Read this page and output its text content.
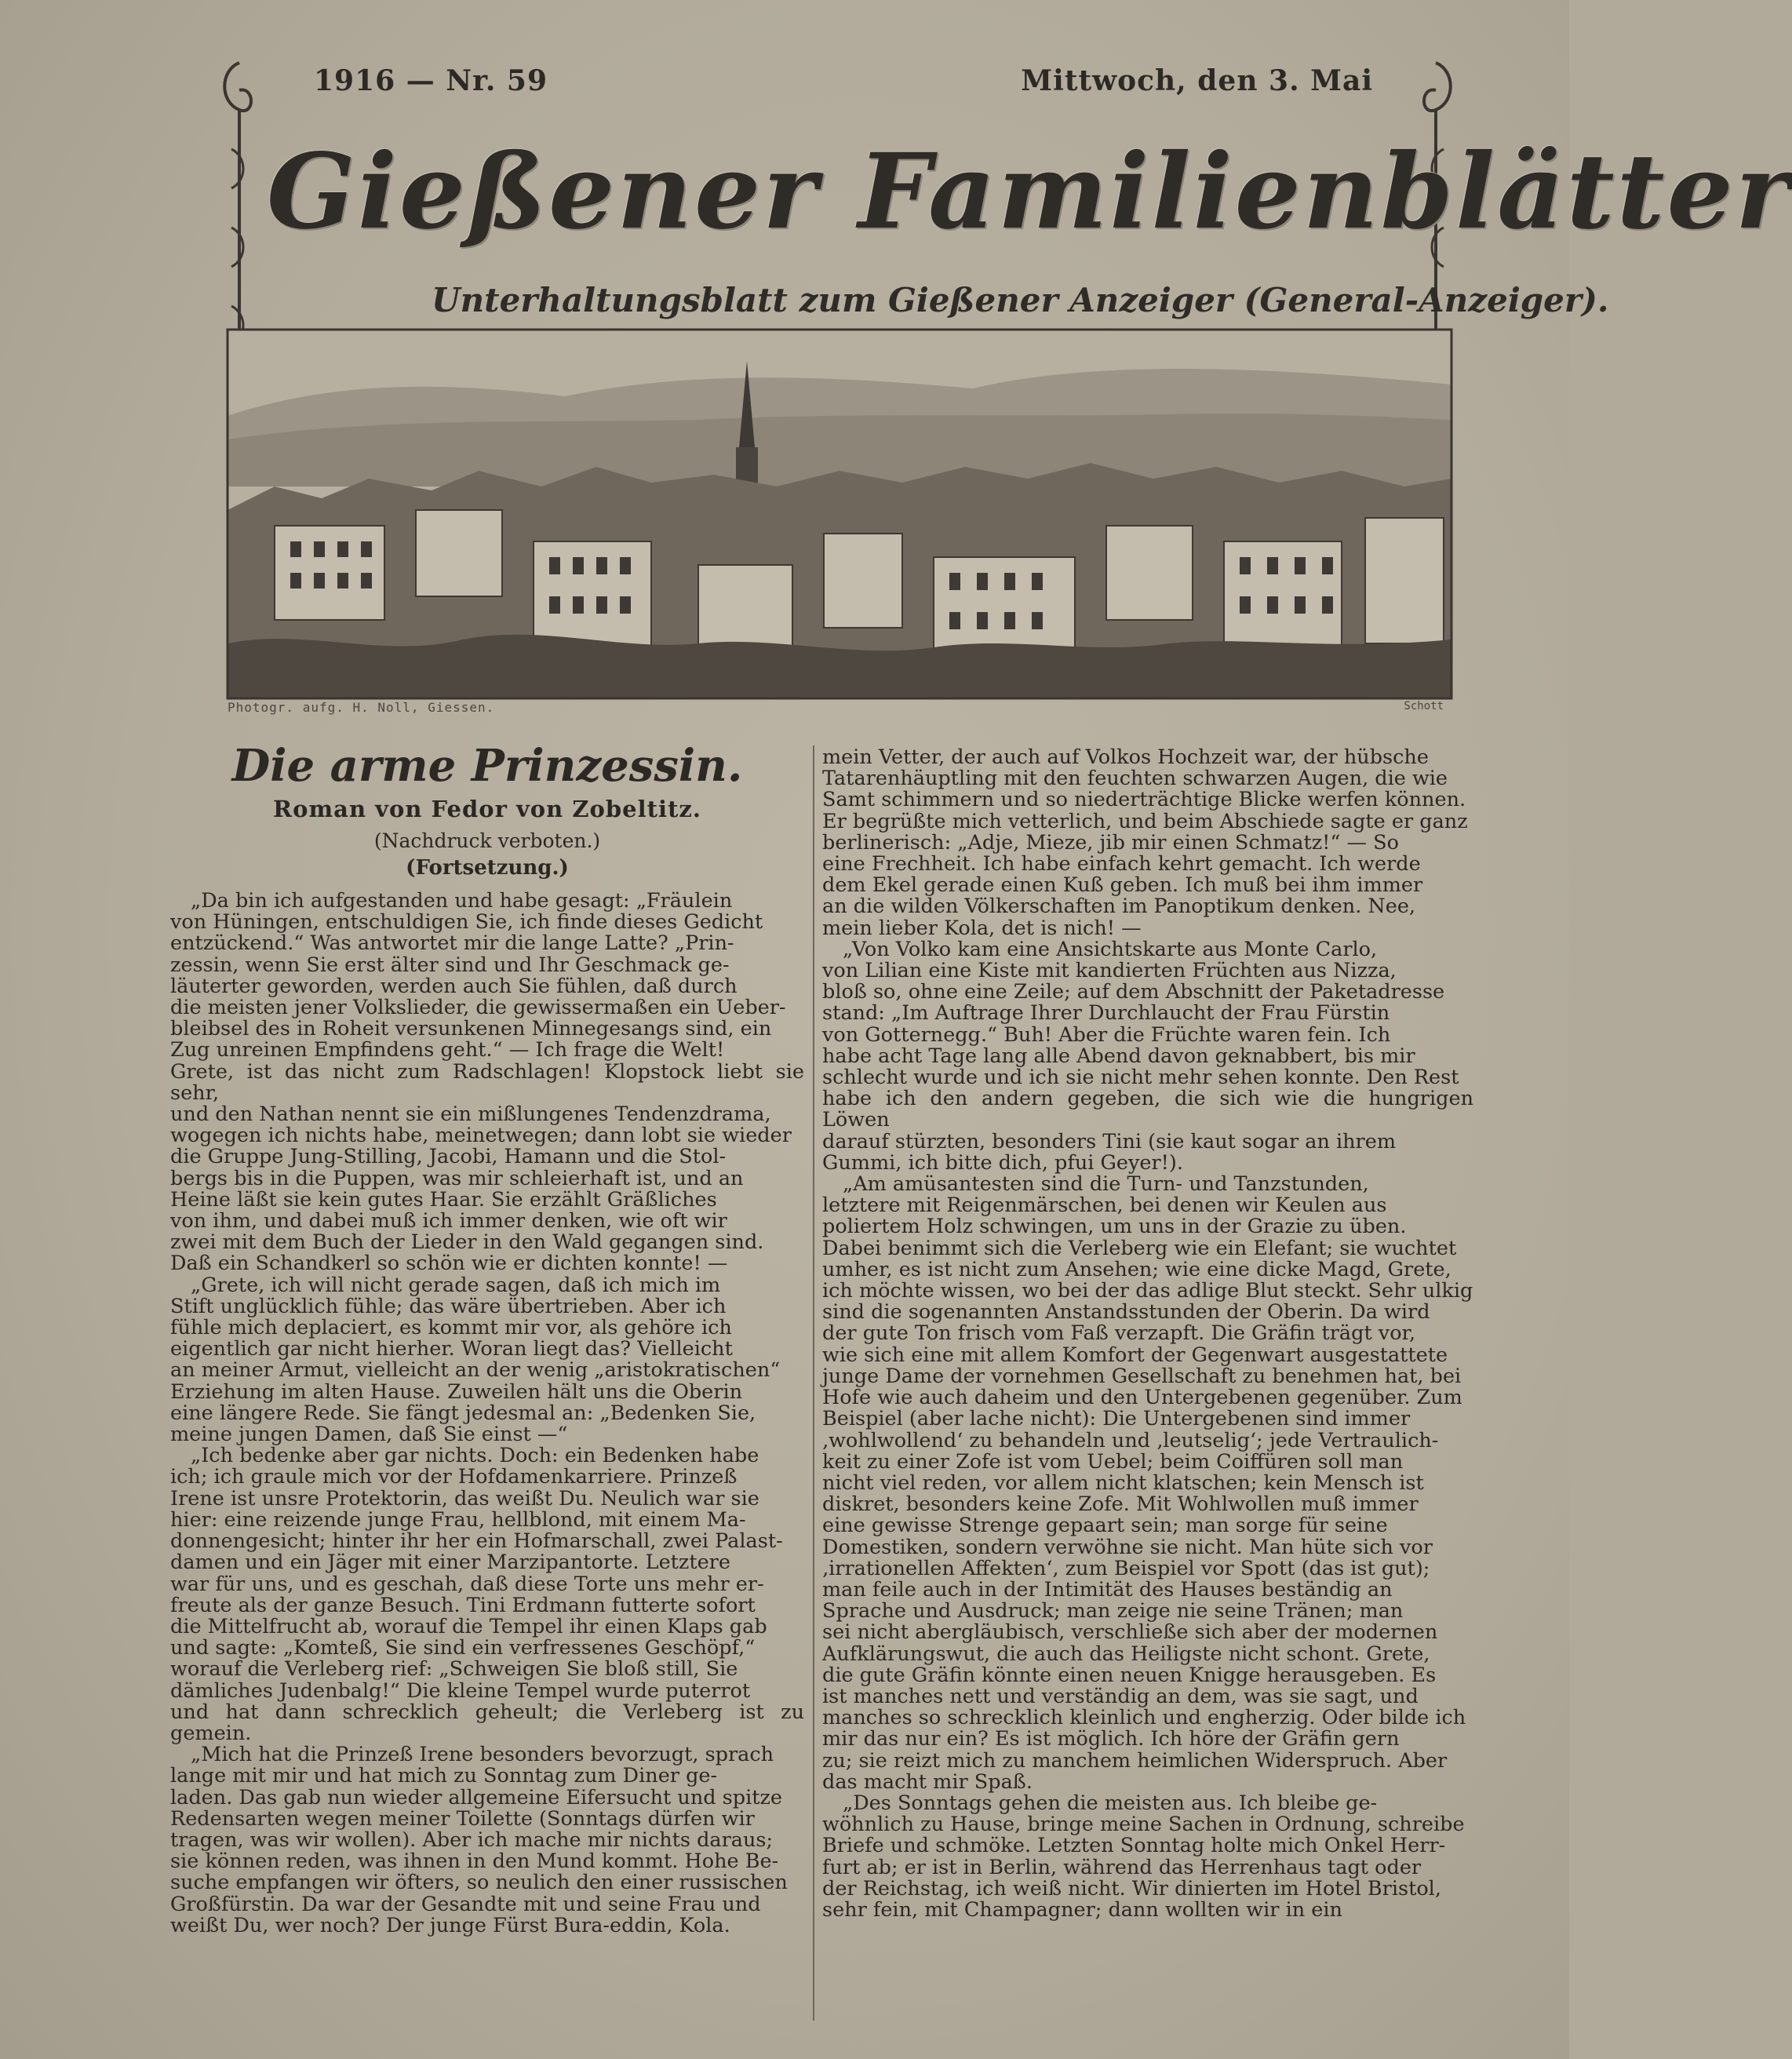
1916 — Nr. 59	Mittwoch, den 3. Mai
Gießener Familienblätter
Unterhaltungsblatt zum Gießener Anzeiger (General-Anzeiger).
Photogr. aufg. H. Noll, Giessen.	Schott
Die arme Prinzessin.

Roman von Fedor von Zobeltitz.

(Nachdruck verboten.)

(Fortsetzung.)

„Da bin ich aufgestanden und habe gesagt: „Fräulein
von Hüningen, entschuldigen Sie, ich finde dieses Gedicht
entzückend.“ Was antwortet mir die lange Latte? „Prin-
zessin, wenn Sie erst älter sind und Ihr Geschmack ge-
läuterter geworden, werden auch Sie fühlen, daß durch
die meisten jener Volkslieder, die gewissermaßen ein Ueber-
bleibsel des in Roheit versunkenen Minnegesangs sind, ein
Zug unreinen Empfindens geht.“ — Ich frage die Welt!
Grete, ist das nicht zum Radschlagen! Klopstock liebt sie sehr,
und den Nathan nennt sie ein mißlungenes Tendenzdrama,
wogegen ich nichts habe, meinetwegen; dann lobt sie wieder
die Gruppe Jung-Stilling, Jacobi, Hamann und die Stol-
bergs bis in die Puppen, was mir schleierhaft ist, und an
Heine läßt sie kein gutes Haar. Sie erzählt Gräßliches
von ihm, und dabei muß ich immer denken, wie oft wir
zwei mit dem Buch der Lieder in den Wald gegangen sind.
Daß ein Schandkerl so schön wie er dichten konnte! —

„Grete, ich will nicht gerade sagen, daß ich mich im
Stift unglücklich fühle; das wäre übertrieben. Aber ich
fühle mich deplaciert, es kommt mir vor, als gehöre ich
eigentlich gar nicht hierher. Woran liegt das? Vielleicht
an meiner Armut, vielleicht an der wenig „aristokratischen“
Erziehung im alten Hause. Zuweilen hält uns die Oberin
eine längere Rede. Sie fängt jedesmal an: „Bedenken Sie,
meine jungen Damen, daß Sie einst —“

„Ich bedenke aber gar nichts. Doch: ein Bedenken habe
ich; ich graule mich vor der Hofdamenkarriere. Prinzeß
Irene ist unsre Protektorin, das weißt Du. Neulich war sie
hier: eine reizende junge Frau, hellblond, mit einem Ma-
donnengesicht; hinter ihr her ein Hofmarschall, zwei Palast-
damen und ein Jäger mit einer Marzipantorte. Letztere
war für uns, und es geschah, daß diese Torte uns mehr er-
freute als der ganze Besuch. Tini Erdmann futterte sofort
die Mittelfrucht ab, worauf die Tempel ihr einen Klaps gab
und sagte: „Komteß, Sie sind ein verfressenes Geschöpf,“
worauf die Verleberg rief: „Schweigen Sie bloß still, Sie
dämliches Judenbalg!“ Die kleine Tempel wurde puterrot
und hat dann schrecklich geheult; die Verleberg ist zu gemein.

„Mich hat die Prinzeß Irene besonders bevorzugt, sprach
lange mit mir und hat mich zu Sonntag zum Diner ge-
laden. Das gab nun wieder allgemeine Eifersucht und spitze
Redensarten wegen meiner Toilette (Sonntags dürfen wir
tragen, was wir wollen). Aber ich mache mir nichts daraus;
sie können reden, was ihnen in den Mund kommt. Hohe Be-
suche empfangen wir öfters, so neulich den einer russischen
Großfürstin. Da war der Gesandte mit und seine Frau und
weißt Du, wer noch? Der junge Fürst Bura-eddin, Kola.

mein Vetter, der auch auf Volkos Hochzeit war, der hübsche
Tatarenhäuptling mit den feuchten schwarzen Augen, die wie
Samt schimmern und so niederträchtige Blicke werfen können.
Er begrüßte mich vetterlich, und beim Abschiede sagte er ganz
berlinerisch: „Adje, Mieze, jib mir einen Schmatz!“ — So
eine Frechheit. Ich habe einfach kehrt gemacht. Ich werde
dem Ekel gerade einen Kuß geben. Ich muß bei ihm immer
an die wilden Völkerschaften im Panoptikum denken. Nee,
mein lieber Kola, det is nich! —

„Von Volko kam eine Ansichtskarte aus Monte Carlo,
von Lilian eine Kiste mit kandierten Früchten aus Nizza,
bloß so, ohne eine Zeile; auf dem Abschnitt der Paketadresse
stand: „Im Auftrage Ihrer Durchlaucht der Frau Fürstin
von Gotternegg.“ Buh! Aber die Früchte waren fein. Ich
habe acht Tage lang alle Abend davon geknabbert, bis mir
schlecht wurde und ich sie nicht mehr sehen konnte. Den Rest
habe ich den andern gegeben, die sich wie die hungrigen Löwen
darauf stürzten, besonders Tini (sie kaut sogar an ihrem
Gummi, ich bitte dich, pfui Geyer!).

„Am amüsantesten sind die Turn- und Tanzstunden,
letztere mit Reigenmärschen, bei denen wir Keulen aus
poliertem Holz schwingen, um uns in der Grazie zu üben.
Dabei benimmt sich die Verleberg wie ein Elefant; sie wuchtet
umher, es ist nicht zum Ansehen; wie eine dicke Magd, Grete,
ich möchte wissen, wo bei der das adlige Blut steckt. Sehr ulkig
sind die sogenannten Anstandsstunden der Oberin. Da wird
der gute Ton frisch vom Faß verzapft. Die Gräfin trägt vor,
wie sich eine mit allem Komfort der Gegenwart ausgestattete
junge Dame der vornehmen Gesellschaft zu benehmen hat, bei
Hofe wie auch daheim und den Untergebenen gegenüber. Zum
Beispiel (aber lache nicht): Die Untergebenen sind immer
‚wohlwollend‘ zu behandeln und ‚leutselig‘; jede Vertraulich-
keit zu einer Zofe ist vom Uebel; beim Coiffüren soll man
nicht viel reden, vor allem nicht klatschen; kein Mensch ist
diskret, besonders keine Zofe. Mit Wohlwollen muß immer
eine gewisse Strenge gepaart sein; man sorge für seine
Domestiken, sondern verwöhne sie nicht. Man hüte sich vor
‚irrationellen Affekten‘, zum Beispiel vor Spott (das ist gut);
man feile auch in der Intimität des Hauses beständig an
Sprache und Ausdruck; man zeige nie seine Tränen; man
sei nicht abergläubisch, verschließe sich aber der modernen
Aufklärungswut, die auch das Heiligste nicht schont. Grete,
die gute Gräfin könnte einen neuen Knigge herausgeben. Es
ist manches nett und verständig an dem, was sie sagt, und
manches so schrecklich kleinlich und engherzig. Oder bilde ich
mir das nur ein? Es ist möglich. Ich höre der Gräfin gern
zu; sie reizt mich zu manchem heimlichen Widerspruch. Aber
das macht mir Spaß.

„Des Sonntags gehen die meisten aus. Ich bleibe ge-
wöhnlich zu Hause, bringe meine Sachen in Ordnung, schreibe
Briefe und schmöke. Letzten Sonntag holte mich Onkel Herr-
furt ab; er ist in Berlin, während das Herrenhaus tagt oder
der Reichstag, ich weiß nicht. Wir dinierten im Hotel Bristol,
sehr fein, mit Champagner; dann wollten wir in ein
